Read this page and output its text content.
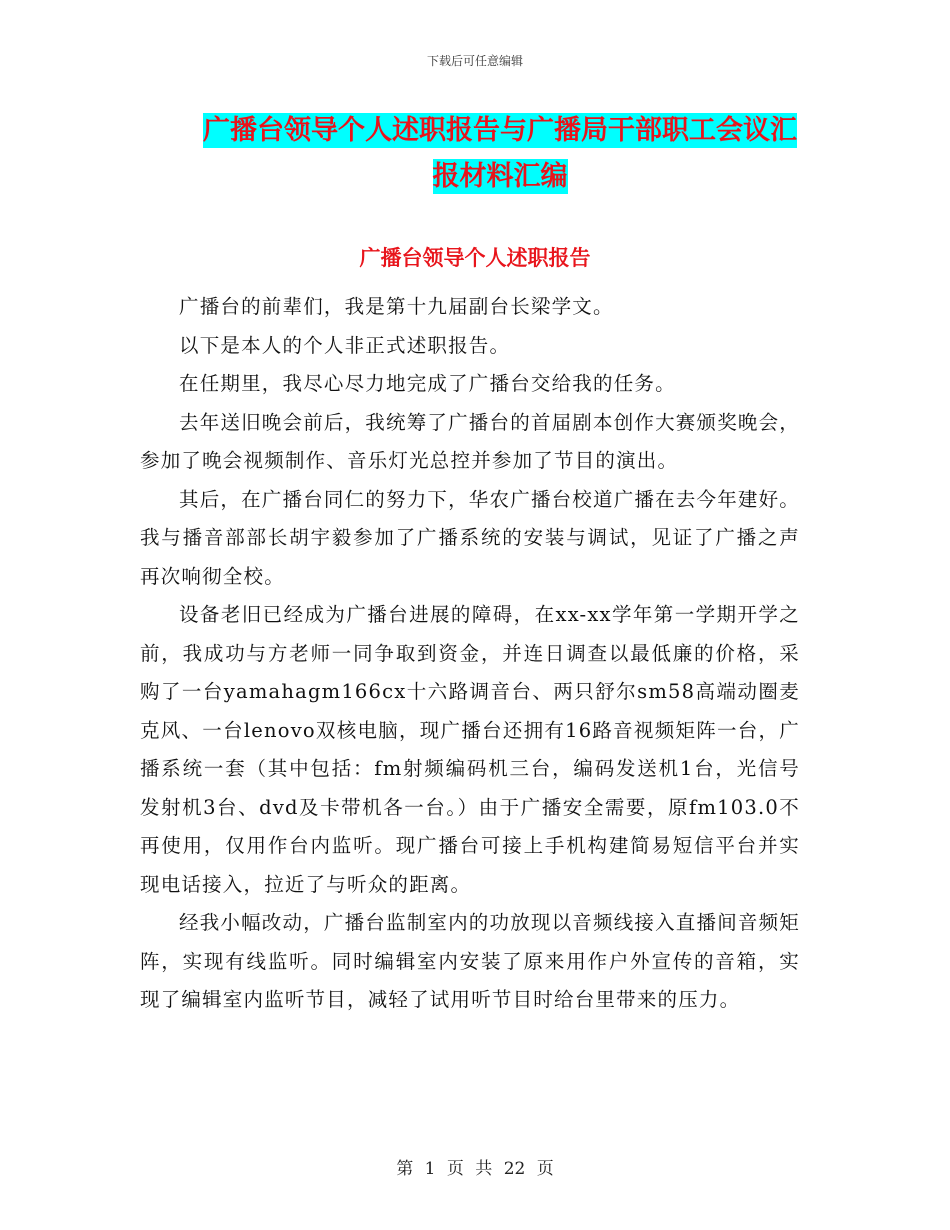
下载后可任意编辑
广播台领导个人述职报告与广播局干部职工会议汇报材料汇编
广播台领导个人述职报告

广播台的前辈们，我是第十九届副台长梁学文。

以下是本人的个人非正式述职报告。

在任期里，我尽心尽力地完成了广播台交给我的任务。

去年送旧晚会前后，我统筹了广播台的首届剧本创作大赛颁奖晚会，参加了晚会视频制作、音乐灯光总控并参加了节目的演出。

其后，在广播台同仁的努力下，华农广播台校道广播在去今年建好。我与播音部部长胡宇毅参加了广播系统的安装与调试，见证了广播之声再次响彻全校。

设备老旧已经成为广播台进展的障碍，在xx-xx学年第一学期开学之前，我成功与方老师一同争取到资金，并连日调查以最低廉的价格，采购了一台yamahagm166cx十六路调音台、两只舒尔sm58高端动圈麦克风、一台lenovo双核电脑，现广播台还拥有16路音视频矩阵一台，广播系统一套（其中包括：fm射频编码机三台，编码发送机1台，光信号发射机3台、dvd及卡带机各一台。）由于广播安全需要，原fm103.0不再使用，仅用作台内监听。现广播台可接上手机构建简易短信平台并实现电话接入，拉近了与听众的距离。

经我小幅改动，广播台监制室内的功放现以音频线接入直播间音频矩阵，实现有线监听。同时编辑室内安装了原来用作户外宣传的音箱，实现了编辑室内监听节目，减轻了试用听节目时给台里带来的压力。

第 1 页 共 22 页
